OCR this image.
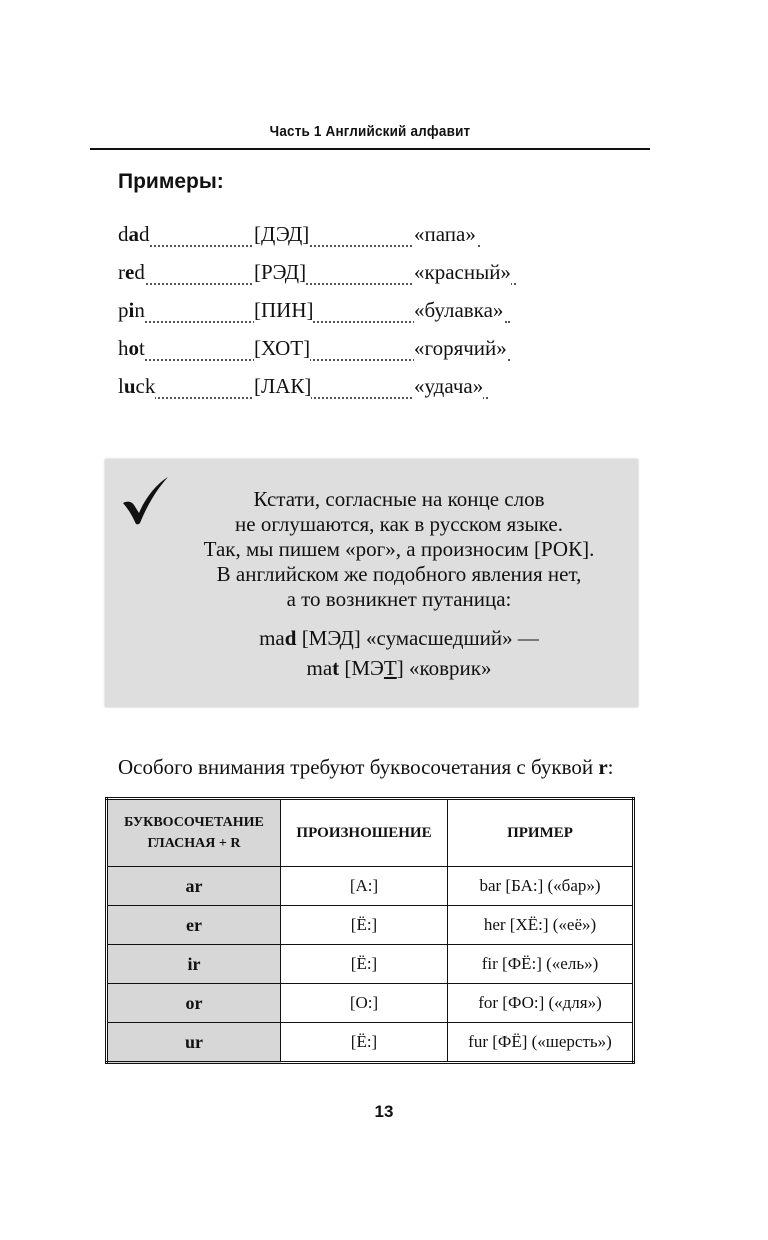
Часть 1 Английский алфавит
Примеры:
dad	[ДЭД]	«папа»
red	[РЭД]	«красный»
pin	[ПИН]	«булавка»
hot	[ХОТ]	«горячий»
luck	[ЛАК]	«удача»
Кстати, согласные на конце слов
не оглушаются, как в русском языке.
Так, мы пишем «рог», а произносим [РОК].
В английском же подобного явления нет,
а то возникнет путаница:
mad [МЭД] «сумасшедший» —
mat [МЭТ] «коврик»
Особого внимания требуют буквосочетания с буквой r:
БУКВОСОЧЕТАНИЕ
ГЛАСНАЯ + R	ПРОИЗНОШЕНИЕ	ПРИМЕР
ar	[А:]	bar [БА:] («бар»)
er	[Ё:]	her [ХЁ:] («её»)
ir	[Ё:]	fir [ФЁ:] («ель»)
or	[О:]	for [ФО:] («для»)
ur	[Ё:]	fur [ФЁ] («шерсть»)
13
